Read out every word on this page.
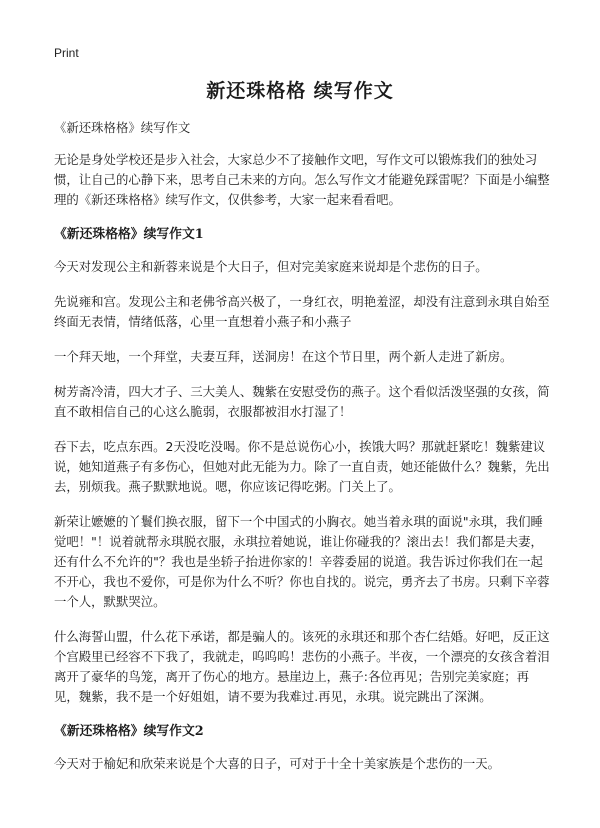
Print
新还珠格格 续写作文

《新还珠格格》续写作文

无论是身处学校还是步入社会，大家总少不了接触作文吧，写作文可以锻炼我们的独处习惯，让自己的心静下来，思考自己未来的方向。怎么写作文才能避免踩雷呢？下面是小编整理的《新还珠格格》续写作文，仅供参考，大家一起来看看吧。

《新还珠格格》续写作文1

今天对发现公主和新蓉来说是个大日子，但对完美家庭来说却是个悲伤的日子。

先说雍和宫。发现公主和老佛爷高兴极了，一身红衣，明艳羞涩，却没有注意到永琪自始至终面无表情，情绪低落，心里一直想着小燕子和小燕子

一个拜天地，一个拜堂，夫妻互拜，送洞房！在这个节日里，两个新人走进了新房。

树芳斋冷清，四大才子、三大美人、魏紫在安慰受伤的燕子。这个看似活泼坚强的女孩，简直不敢相信自己的心这么脆弱，衣服都被泪水打湿了！

吞下去，吃点东西。2天没吃没喝。你不是总说伤心小，挨饿大吗？那就赶紧吃！魏紫建议说，她知道燕子有多伤心，但她对此无能为力。除了一直自责，她还能做什么？魏紫，先出去，别烦我。燕子默默地说。嗯，你应该记得吃粥。门关上了。

新荣让嬷嬷的丫鬟们换衣服，留下一个中国式的小胸衣。她当着永琪的面说"永琪，我们睡觉吧！"！说着就帮永琪脱衣服，永琪拉着她说，谁让你碰我的？滚出去！我们都是夫妻，还有什么不允许的"？我也是坐轿子抬进你家的！辛蓉委屈的说道。我告诉过你我们在一起不开心，我也不爱你，可是你为什么不听？你也自找的。说完，勇齐去了书房。只剩下辛蓉一个人，默默哭泣。

什么海誓山盟，什么花下承诺，都是骗人的。该死的永琪还和那个杏仁结婚。好吧，反正这个宫殿里已经容不下我了，我就走，呜呜呜！悲伤的小燕子。半夜，一个漂亮的女孩含着泪离开了豪华的鸟笼，离开了伤心的地方。悬崖边上，燕子:各位再见；告别完美家庭；再见，魏紫，我不是一个好姐姐，请不要为我难过.再见，永琪。说完跳出了深渊。

《新还珠格格》续写作文2

今天对于榆妃和欣荣来说是个大喜的日子，可对于十全十美家族是个悲伤的一天。
